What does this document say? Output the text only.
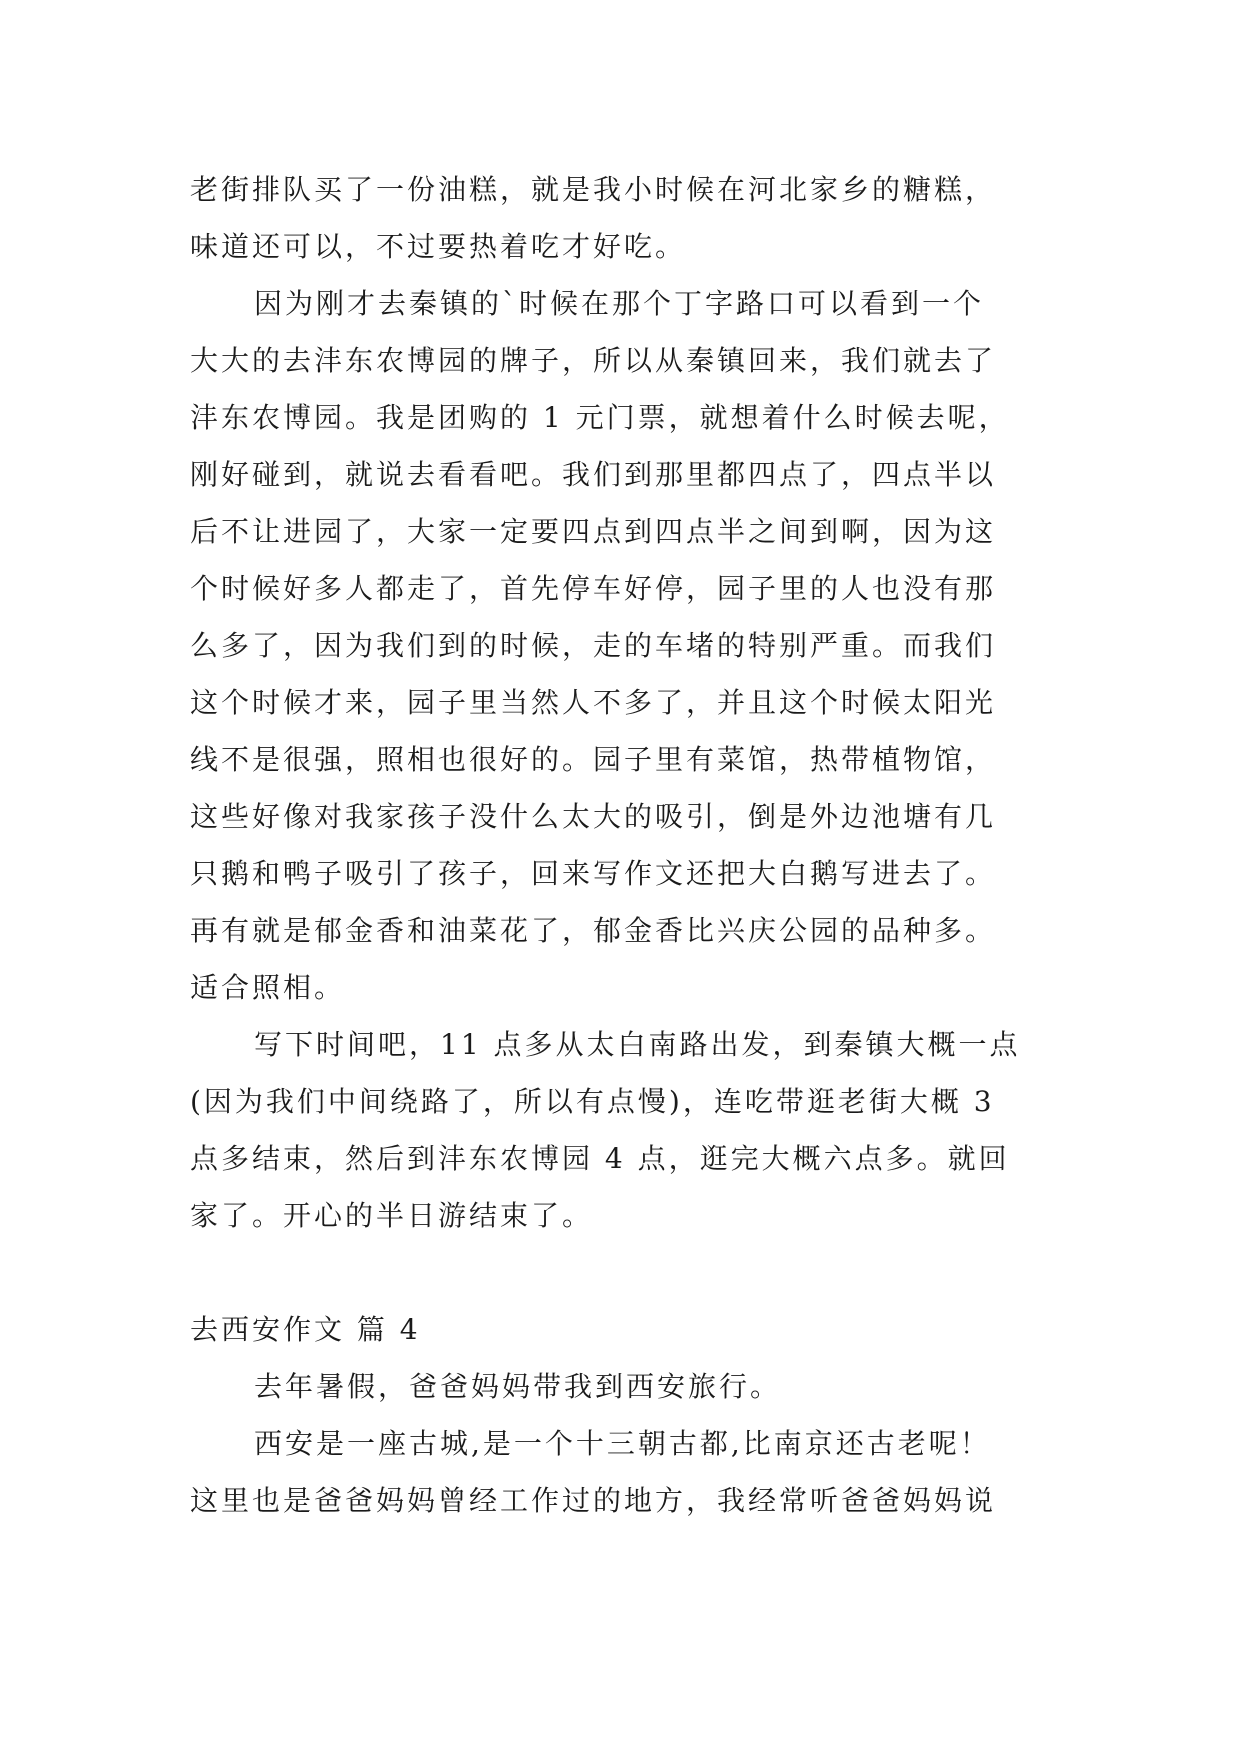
老街排队买了一份油糕，就是我小时候在河北家乡的糖糕，
味道还可以，不过要热着吃才好吃。
因为刚才去秦镇的`时候在那个丁字路口可以看到一个
大大的去沣东农博园的牌子，所以从秦镇回来，我们就去了
沣东农博园。我是团购的 1 元门票，就想着什么时候去呢，
刚好碰到，就说去看看吧。我们到那里都四点了，四点半以
后不让进园了，大家一定要四点到四点半之间到啊，因为这
个时候好多人都走了，首先停车好停，园子里的人也没有那
么多了，因为我们到的时候，走的车堵的特别严重。而我们
这个时候才来，园子里当然人不多了，并且这个时候太阳光
线不是很强，照相也很好的。园子里有菜馆，热带植物馆，
这些好像对我家孩子没什么太大的吸引，倒是外边池塘有几
只鹅和鸭子吸引了孩子，回来写作文还把大白鹅写进去了。
再有就是郁金香和油菜花了，郁金香比兴庆公园的品种多。
适合照相。
写下时间吧，11 点多从太白南路出发，到秦镇大概一点
(因为我们中间绕路了，所以有点慢)，连吃带逛老街大概 3
点多结束，然后到沣东农博园 4 点，逛完大概六点多。就回
家了。开心的半日游结束了。
去西安作文 篇 4
去年暑假，爸爸妈妈带我到西安旅行。
西安是一座古城,是一个十三朝古都,比南京还古老呢！
这里也是爸爸妈妈曾经工作过的地方，我经常听爸爸妈妈说
